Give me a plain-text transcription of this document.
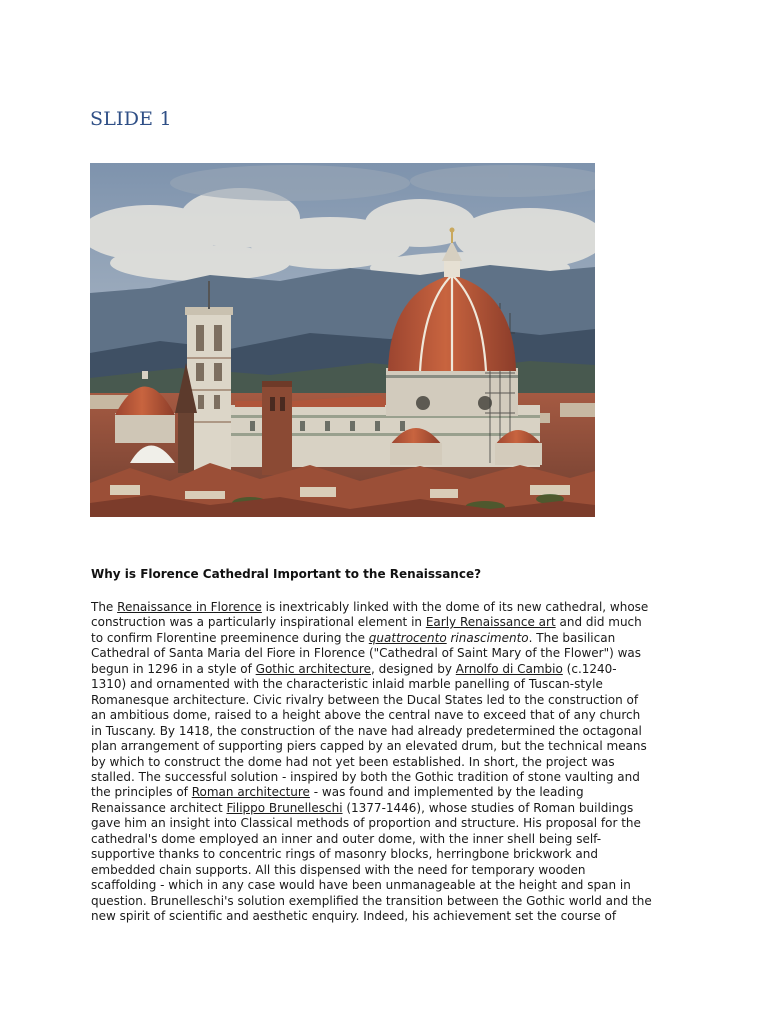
SLIDE 1
Why is Florence Cathedral Important to the Renaissance?
The Renaissance in Florence is inextricably linked with the dome of its new cathedral, whose
construction was a particularly inspirational element in Early Renaissance art and did much
to confirm Florentine preeminence during the quattrocento rinascimento. The basilican
Cathedral of Santa Maria del Fiore in Florence ("Cathedral of Saint Mary of the Flower") was
begun in 1296 in a style of Gothic architecture, designed by Arnolfo di Cambio (c.1240-
1310) and ornamented with the characteristic inlaid marble panelling of Tuscan-style
Romanesque architecture. Civic rivalry between the Ducal States led to the construction of
an ambitious dome, raised to a height above the central nave to exceed that of any church
in Tuscany. By 1418, the construction of the nave had already predetermined the octagonal
plan arrangement of supporting piers capped by an elevated drum, but the technical means
by which to construct the dome had not yet been established. In short, the project was
stalled. The successful solution - inspired by both the Gothic tradition of stone vaulting and
the principles of Roman architecture - was found and implemented by the leading
Renaissance architect Filippo Brunelleschi (1377-1446), whose studies of Roman buildings
gave him an insight into Classical methods of proportion and structure. His proposal for the
cathedral's dome employed an inner and outer dome, with the inner shell being self-
supportive thanks to concentric rings of masonry blocks, herringbone brickwork and
embedded chain supports. All this dispensed with the need for temporary wooden
scaffolding - which in any case would have been unmanageable at the height and span in
question. Brunelleschi's solution exemplified the transition between the Gothic world and the
new spirit of scientific and aesthetic enquiry. Indeed, his achievement set the course of
